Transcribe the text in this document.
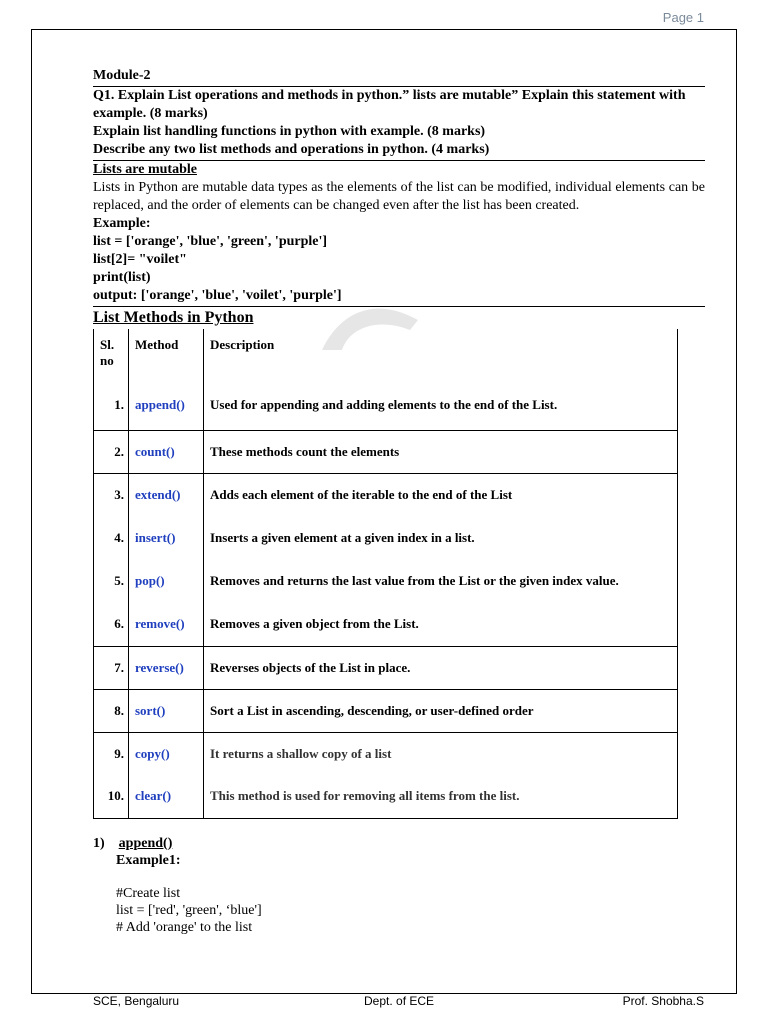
Page 1
Module-2

Q1. Explain List operations and methods in python.” lists are mutable” Explain this statement with example. (8 marks)

Explain list handling functions in python with example. (8 marks)

Describe any two list methods and operations in python. (4 marks)

Lists are mutable

Lists in Python are mutable data types as the elements of the list can be modified, individual elements can be replaced, and the order of elements can be changed even after the list has been created.

Example:

list = ['orange', 'blue', 'green', 'purple']

list[2]= "voilet"

print(list)

output: ['orange', 'blue', 'voilet', 'purple']

List Methods in Python

Sl. no	Method	Description
1.	append()	Used for appending and adding elements to the end of the List.
2.	count()	These methods count the elements
3.	extend()	Adds each element of the iterable to the end of the List
4.	insert()	Inserts a given element at a given index in a list.
5.	pop()	Removes and returns the last value from the List or the given index value.
6.	remove()	Removes a given object from the List.
7.	reverse()	Reverses objects of the List in place.
8.	sort()	Sort a List in ascending, descending, or user-defined order
9.	copy()	It returns a shallow copy of a list
10.	clear()	This method is used for removing all items from the list.
1) append()
Example1:
#Create list
list = ['red', 'green', ‘blue']
# Add 'orange' to the list
SCE, Bengaluru	Dept. of ECE	Prof. Shobha.S
